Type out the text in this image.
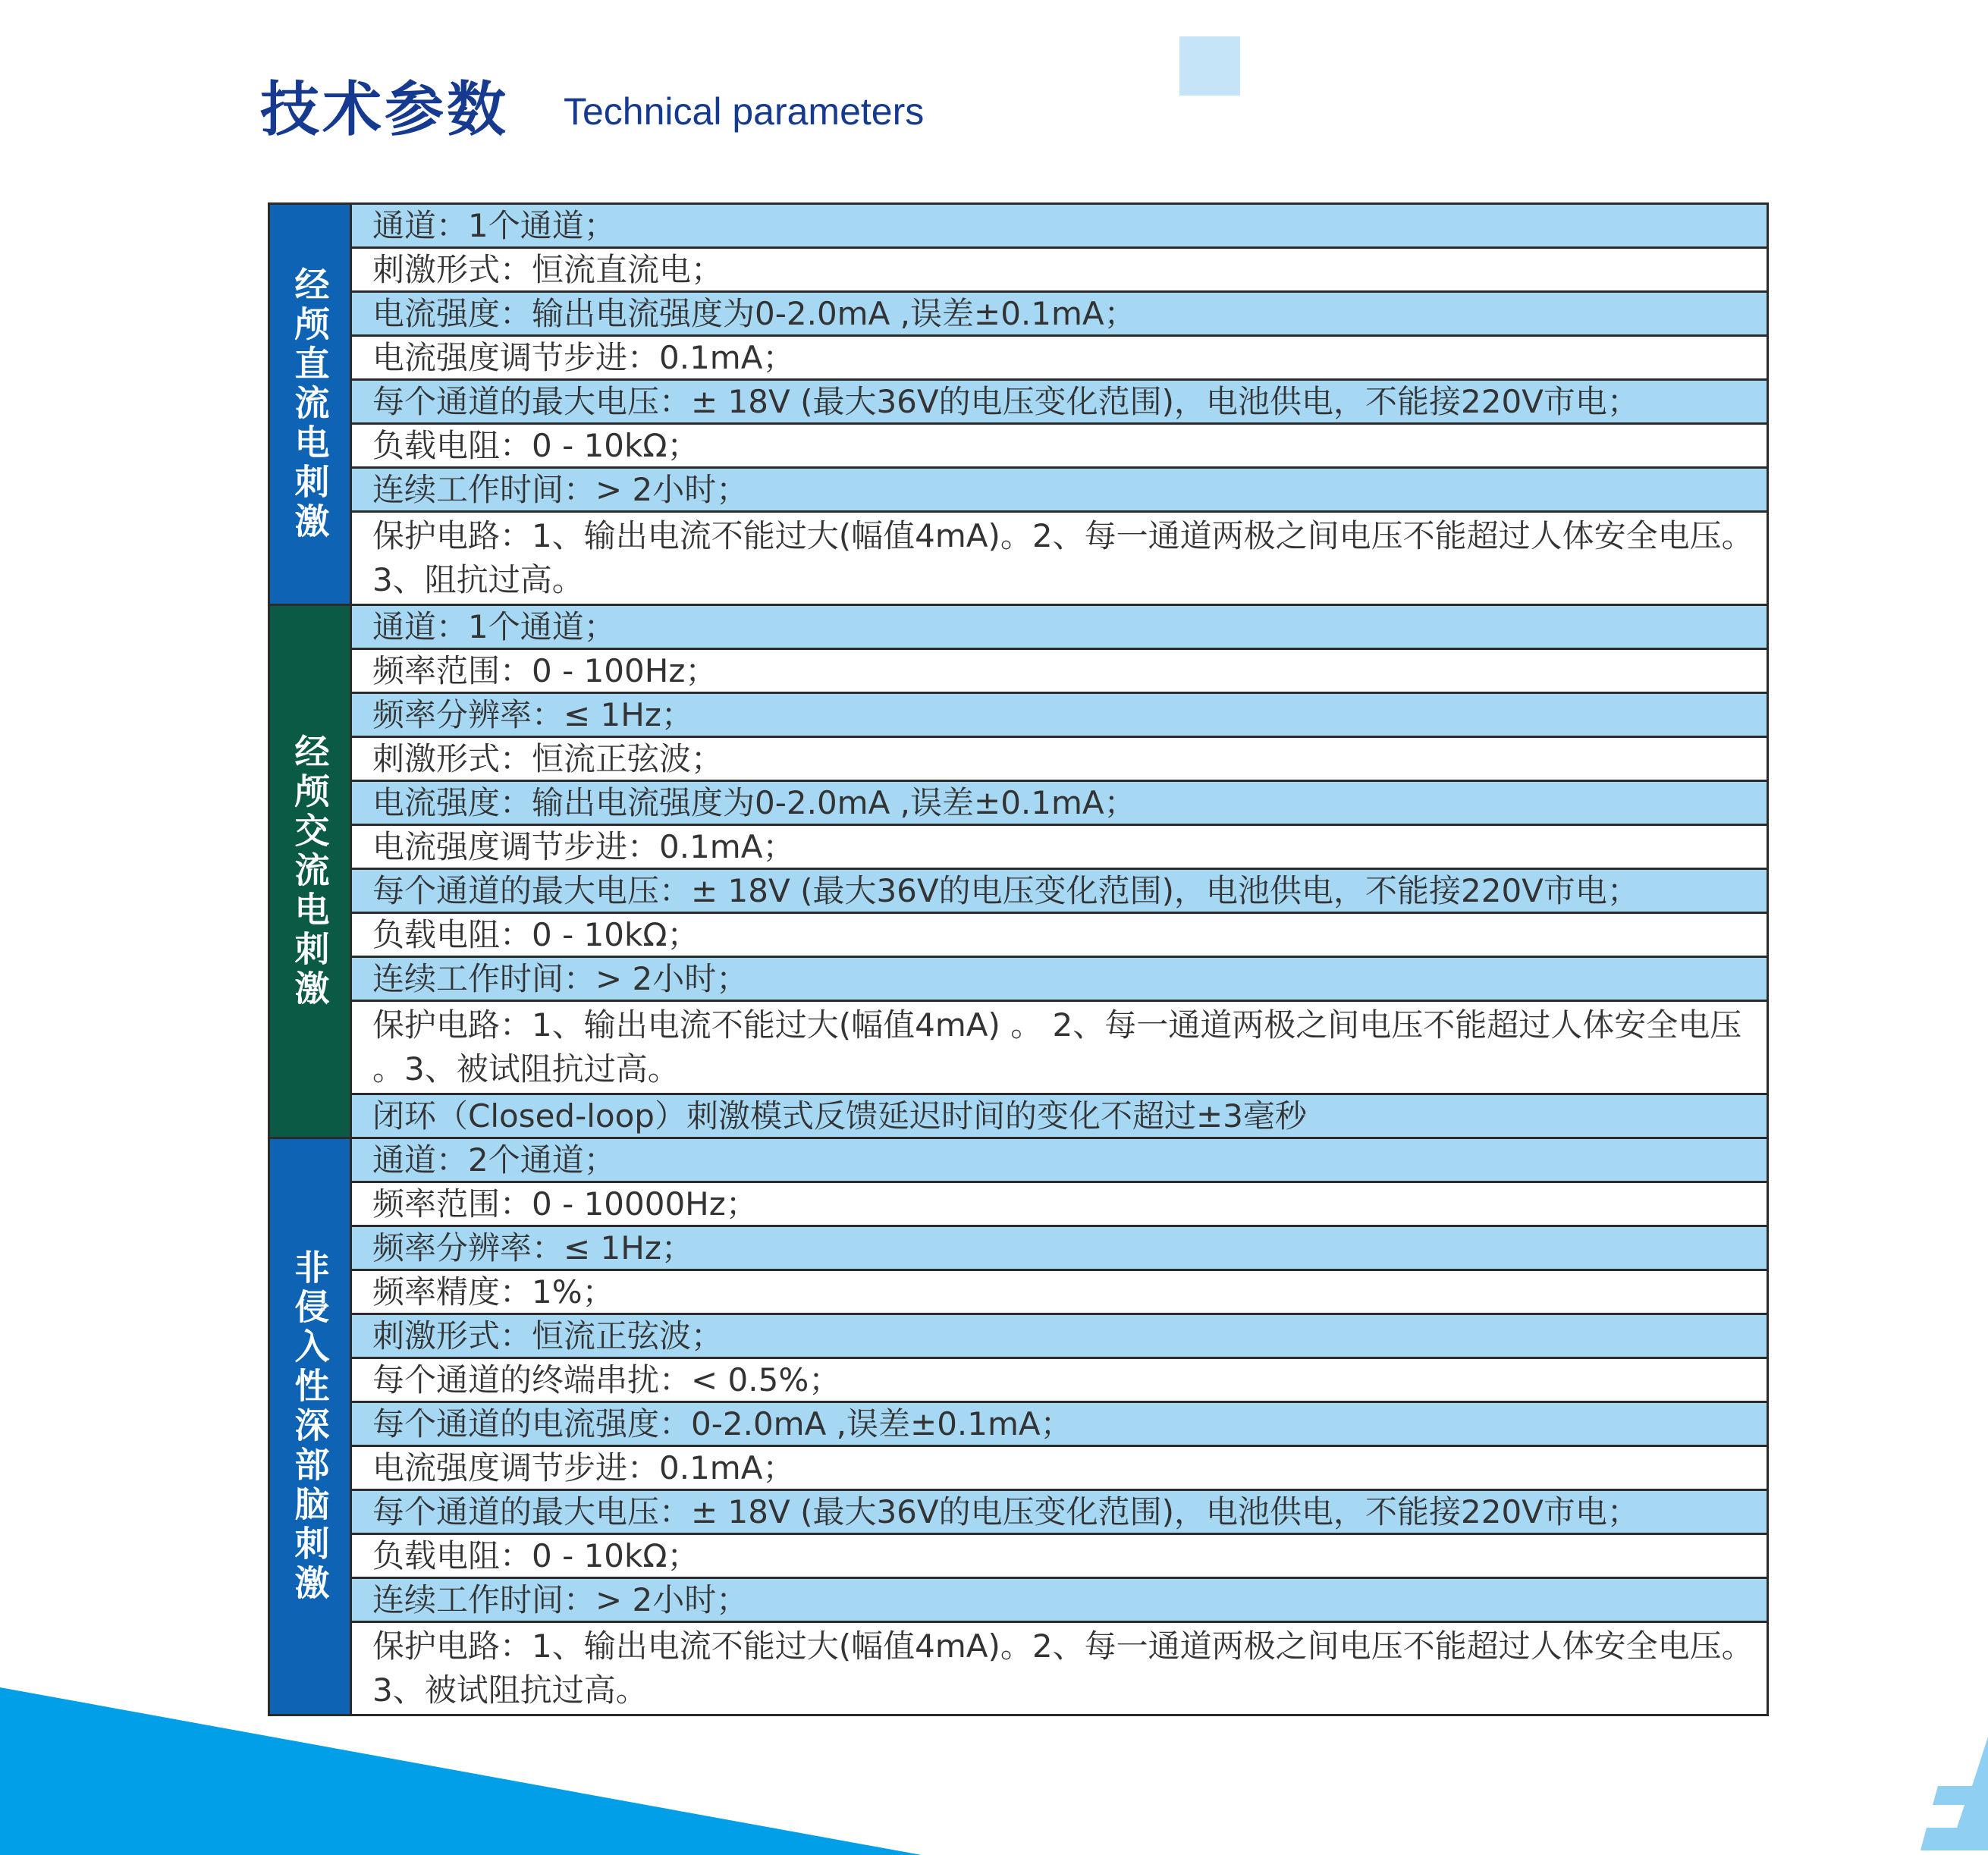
技术参数 Technical parameters
经颅直流电刺激
通道：1个通道；
刺激形式：恒流直流电；
电流强度：输出电流强度为0-2.0mA ,误差±0.1mA；
电流强度调节步进：0.1mA；
每个通道的最大电压：± 18V (最大36V的电压变化范围)，电池供电，不能接220V市电；
负载电阻：0 - 10kΩ；
连续工作时间：> 2小时；
保护电路：1、输出电流不能过大(幅值4mA)。2、每一通道两极之间电压不能超过人体安全电压。3、阻抗过高。
经颅交流电刺激
通道：1个通道；
频率范围：0 - 100Hz；
频率分辨率：≤ 1Hz；
刺激形式：恒流正弦波；
电流强度：输出电流强度为0-2.0mA ,误差±0.1mA；
电流强度调节步进：0.1mA；
每个通道的最大电压：± 18V (最大36V的电压变化范围)，电池供电，不能接220V市电；
负载电阻：0 - 10kΩ；
连续工作时间：> 2小时；
保护电路：1、输出电流不能过大(幅值4mA) 。 2、每一通道两极之间电压不能超过人体安全电压 。3、被试阻抗过高。
闭环（Closed-loop）刺激模式反馈延迟时间的变化不超过±3毫秒
非侵入性深部脑刺激
通道：2个通道；
频率范围：0 - 10000Hz；
频率分辨率：≤ 1Hz；
频率精度：1%；
刺激形式：恒流正弦波；
每个通道的终端串扰：< 0.5%；
每个通道的电流强度：0-2.0mA ,误差±0.1mA；
电流强度调节步进：0.1mA；
每个通道的最大电压：± 18V (最大36V的电压变化范围)，电池供电，不能接220V市电；
负载电阻：0 - 10kΩ；
连续工作时间：> 2小时；
保护电路：1、输出电流不能过大(幅值4mA)。2、每一通道两极之间电压不能超过人体安全电压。3、被试阻抗过高。
